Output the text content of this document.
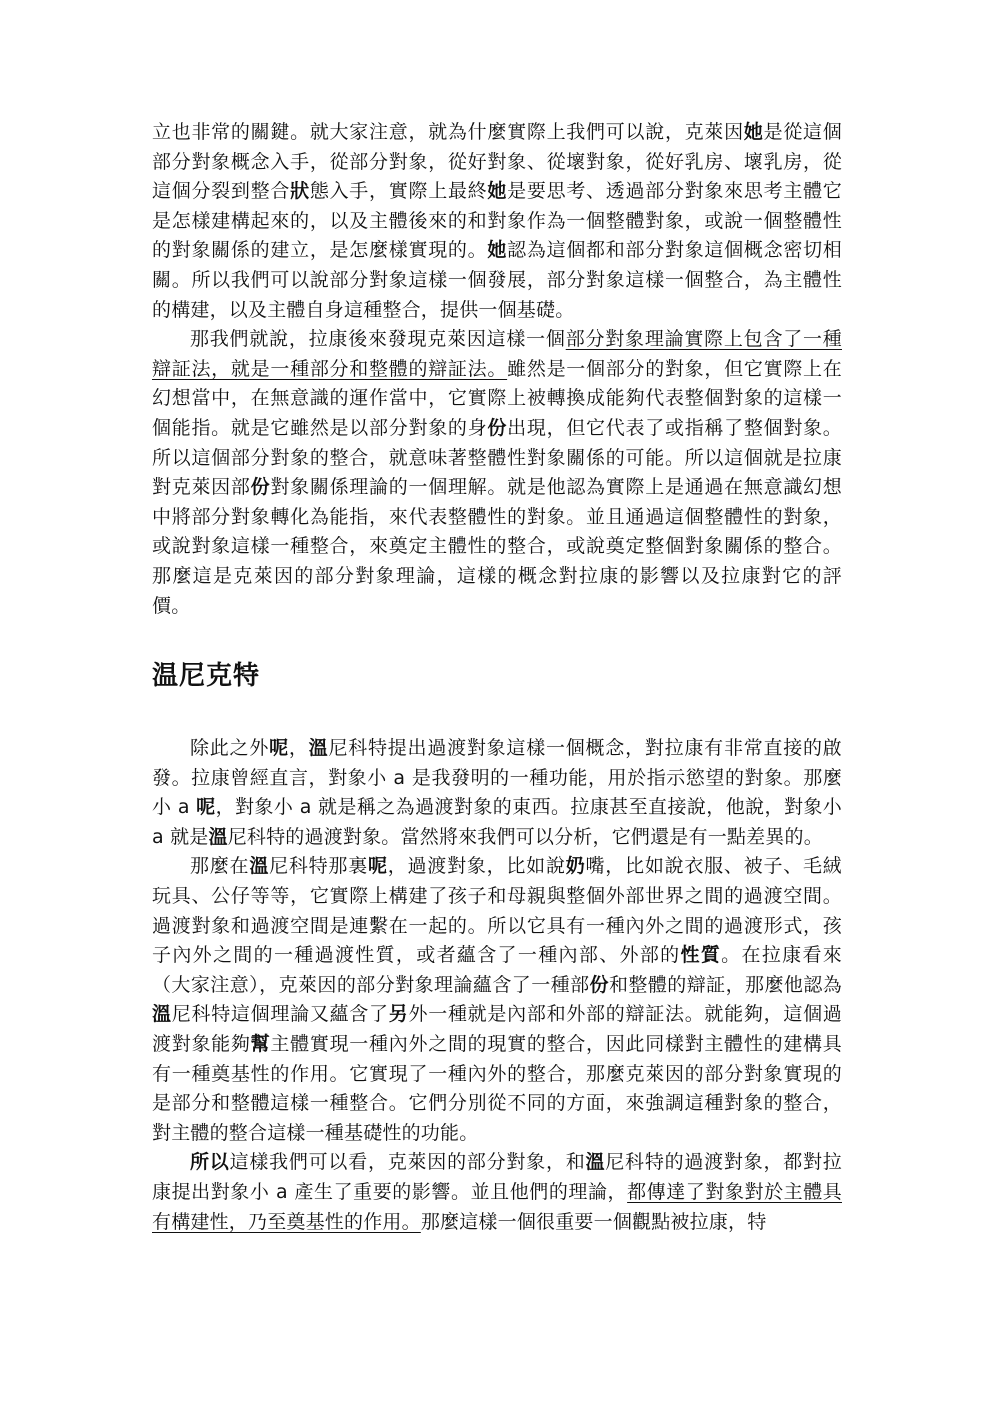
立也非常的關鍵。就大家注意，就為什麼實際上我們可以說，克萊因她是從這個部分對象概念入手，從部分對象，從好對象、從壞對象，從好乳房、壞乳房，從這個分裂到整合狀態入手，實際上最終她是要思考、透過部分對象來思考主體它是怎樣建構起來的，以及主體後來的和對象作為一個整體對象，或說一個整體性的對象關係的建立，是怎麼樣實現的。她認為這個都和部分對象這個概念密切相關。所以我們可以說部分對象這樣一個發展，部分對象這樣一個整合，為主體性的構建，以及主體自身這種整合，提供一個基礎。

那我們就說，拉康後來發現克萊因這樣一個部分對象理論實際上包含了一種辯証法，就是一種部分和整體的辯証法。雖然是一個部分的對象，但它實際上在幻想當中，在無意識的運作當中，它實際上被轉換成能夠代表整個對象的這樣一個能指。就是它雖然是以部分對象的身份出現，但它代表了或指稱了整個對象。所以這個部分對象的整合，就意味著整體性對象關係的可能。所以這個就是拉康對克萊因部份對象關係理論的一個理解。就是他認為實際上是通過在無意識幻想中將部分對象轉化為能指，來代表整體性的對象。並且通過這個整體性的對象，或說對象這樣一種整合，來奠定主體性的整合，或說奠定整個對象關係的整合。那麼這是克萊因的部分對象理論，這樣的概念對拉康的影響以及拉康對它的評價。

温尼克特

除此之外呢，溫尼科特提出過渡對象這樣一個概念，對拉康有非常直接的啟發。拉康曾經直言，對象小 a 是我發明的一種功能，用於指示慾望的對象。那麼小 a 呢，對象小 a 就是稱之為過渡對象的東西。拉康甚至直接說，他說，對象小 a 就是溫尼科特的過渡對象。當然將來我們可以分析，它們還是有一點差異的。

那麼在溫尼科特那裏呢，過渡對象，比如說奶嘴，比如說衣服、被子、毛絨玩具、公仔等等，它實際上構建了孩子和母親與整個外部世界之間的過渡空間。過渡對象和過渡空間是連繫在一起的。所以它具有一種內外之間的過渡形式，孩子內外之間的一種過渡性質，或者蘊含了一種內部、外部的性質。在拉康看來（大家注意），克萊因的部分對象理論蘊含了一種部份和整體的辯証，那麼他認為溫尼科特這個理論又蘊含了另外一種就是內部和外部的辯証法。就能夠，這個過渡對象能夠幫主體實現一種內外之間的現實的整合，因此同樣對主體性的建構具有一種奠基性的作用。它實現了一種內外的整合，那麼克萊因的部分對象實現的是部分和整體這樣一種整合。它們分別從不同的方面，來強調這種對象的整合，對主體的整合這樣一種基礎性的功能。

所以這樣我們可以看，克萊因的部分對象，和溫尼科特的過渡對象，都對拉康提出對象小 a 產生了重要的影響。並且他們的理論，都傳達了對象對於主體具有構建性，乃至奠基性的作用。那麼這樣一個很重要一個觀點被拉康，特
